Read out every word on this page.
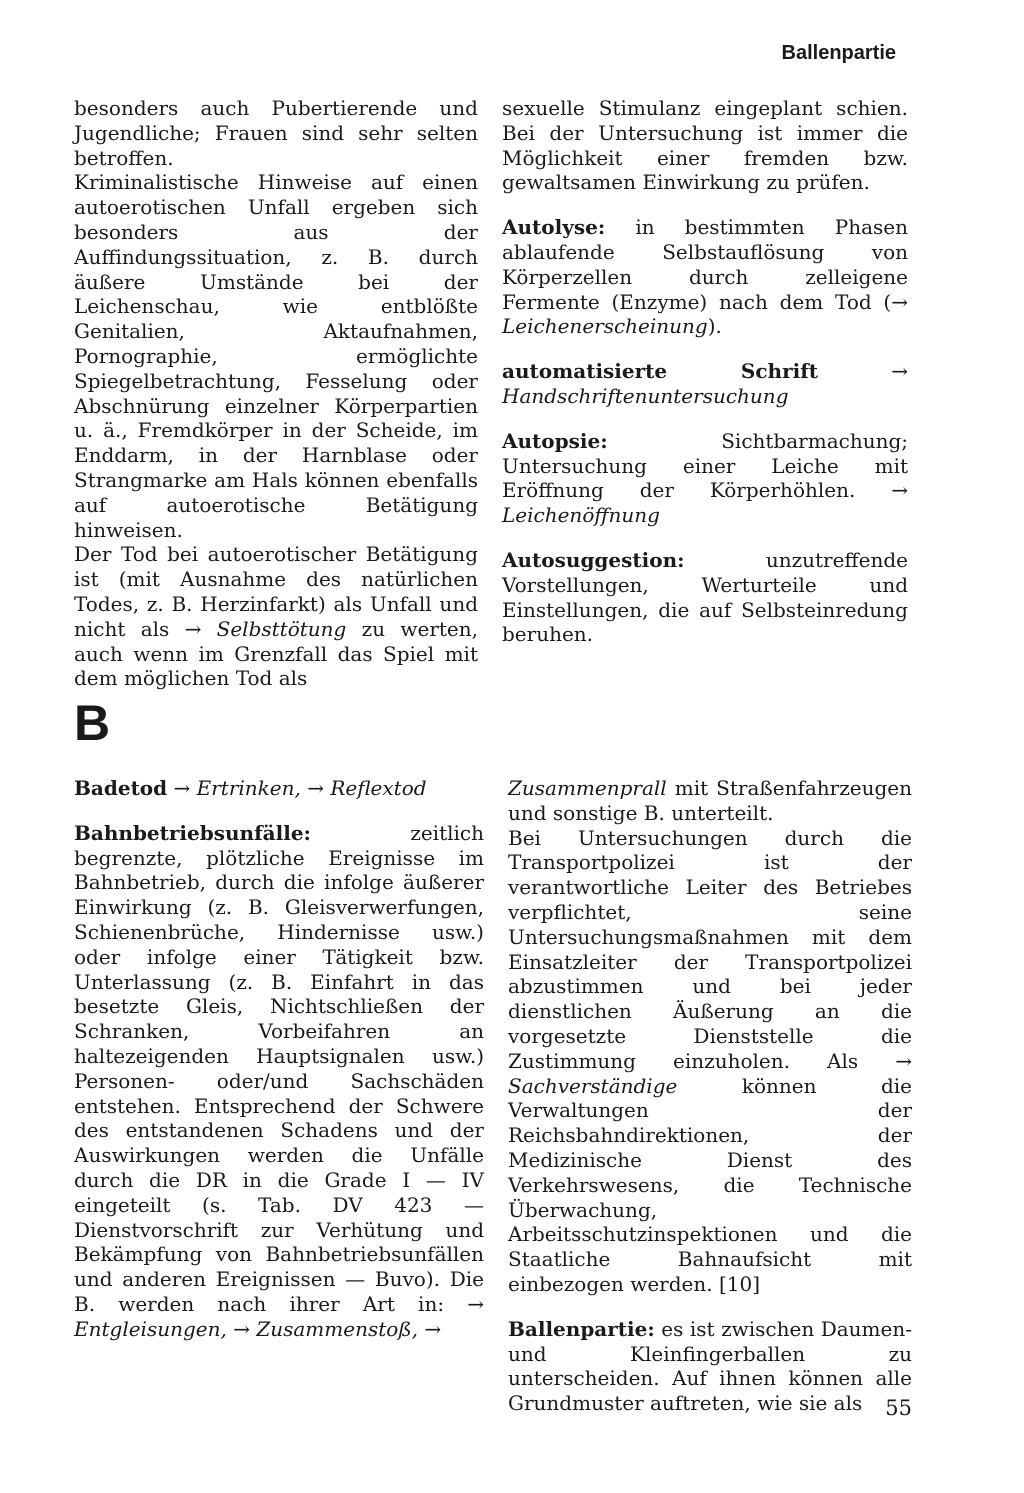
Ballenpartie

besonders auch Pubertierende und Jugendliche; Frauen sind sehr selten betroffen.

Kriminalistische Hinweise auf einen autoerotischen Unfall ergeben sich besonders aus der Auffindungssituation, z. B. durch äußere Umstände bei der Leichenschau, wie entblößte Genitalien, Aktaufnahmen, Pornographie, ermöglichte Spiegelbetrachtung, Fesselung oder Abschnürung einzelner Körperpartien u. ä., Fremdkörper in der Scheide, im Enddarm, in der Harnblase oder Strangmarke am Hals können ebenfalls auf autoerotische Betätigung hinweisen.

Der Tod bei autoerotischer Betätigung ist (mit Ausnahme des natürlichen Todes, z. B. Herzinfarkt) als Unfall und nicht als → Selbsttötung zu werten, auch wenn im Grenzfall das Spiel mit dem möglichen Tod als

sexuelle Stimulanz eingeplant schien. Bei der Untersuchung ist immer die Möglichkeit einer fremden bzw. gewaltsamen Einwirkung zu prüfen.

Autolyse: in bestimmten Phasen ablaufende Selbstauflösung von Körperzellen durch zelleigene Fermente (Enzyme) nach dem Tod (→ Leichenerscheinung).

automatisierte Schrift	→ Handschriftenuntersuchung

Autopsie:	Sichtbarmachung; Untersuchung einer Leiche mit Eröffnung der Körperhöhlen. → Leichenöffnung

Autosuggestion:	unzutreffende Vorstellungen, Werturteile und Einstellungen, die auf Selbsteinredung beruhen.

B

Badetod → Ertrinken, → Reflextod

Bahnbetriebsunfälle:	zeitlich begrenzte, plötzliche Ereignisse im Bahnbetrieb, durch die infolge äußerer Einwirkung (z. B. Gleisverwerfungen, Schienenbrüche, Hindernisse usw.) oder infolge einer Tätigkeit bzw. Unterlassung (z. B. Einfahrt in das besetzte Gleis, Nichtschließen der Schranken, Vorbeifahren an haltezeigenden Hauptsignalen usw.) Personen- oder/und Sachschäden entstehen. Entsprechend der Schwere des entstandenen Schadens und der Auswirkungen werden die Unfälle durch die DR in die Grade I — IV eingeteilt (s. Tab. DV 423 — Dienstvorschrift zur Verhütung und Bekämpfung von Bahnbetriebsunfällen und anderen Ereignissen — Buvo). Die B. werden nach ihrer Art in: → Entgleisungen, → Zusammenstoß, →

Zusammenprall mit Straßenfahrzeugen und sonstige B. unterteilt.

Bei Untersuchungen durch die Transportpolizei ist der verantwortliche Leiter des Betriebes verpflichtet, seine Untersuchungsmaßnahmen mit dem Einsatzleiter der Transportpolizei abzustimmen und bei jeder dienstlichen Äußerung an die vorgesetzte Dienststelle die Zustimmung einzuholen. Als → Sachverständige	können die Verwaltungen der Reichsbahndirektionen, der Medizinische Dienst des Verkehrswesens, die Technische Überwachung, Arbeitsschutzinspektionen und die Staatliche Bahnaufsicht mit einbezogen werden. [10]

Ballenpartie: es ist zwischen Daumen- und Kleinfingerballen zu unterscheiden. Auf ihnen können alle Grundmuster auftreten, wie sie als	55
